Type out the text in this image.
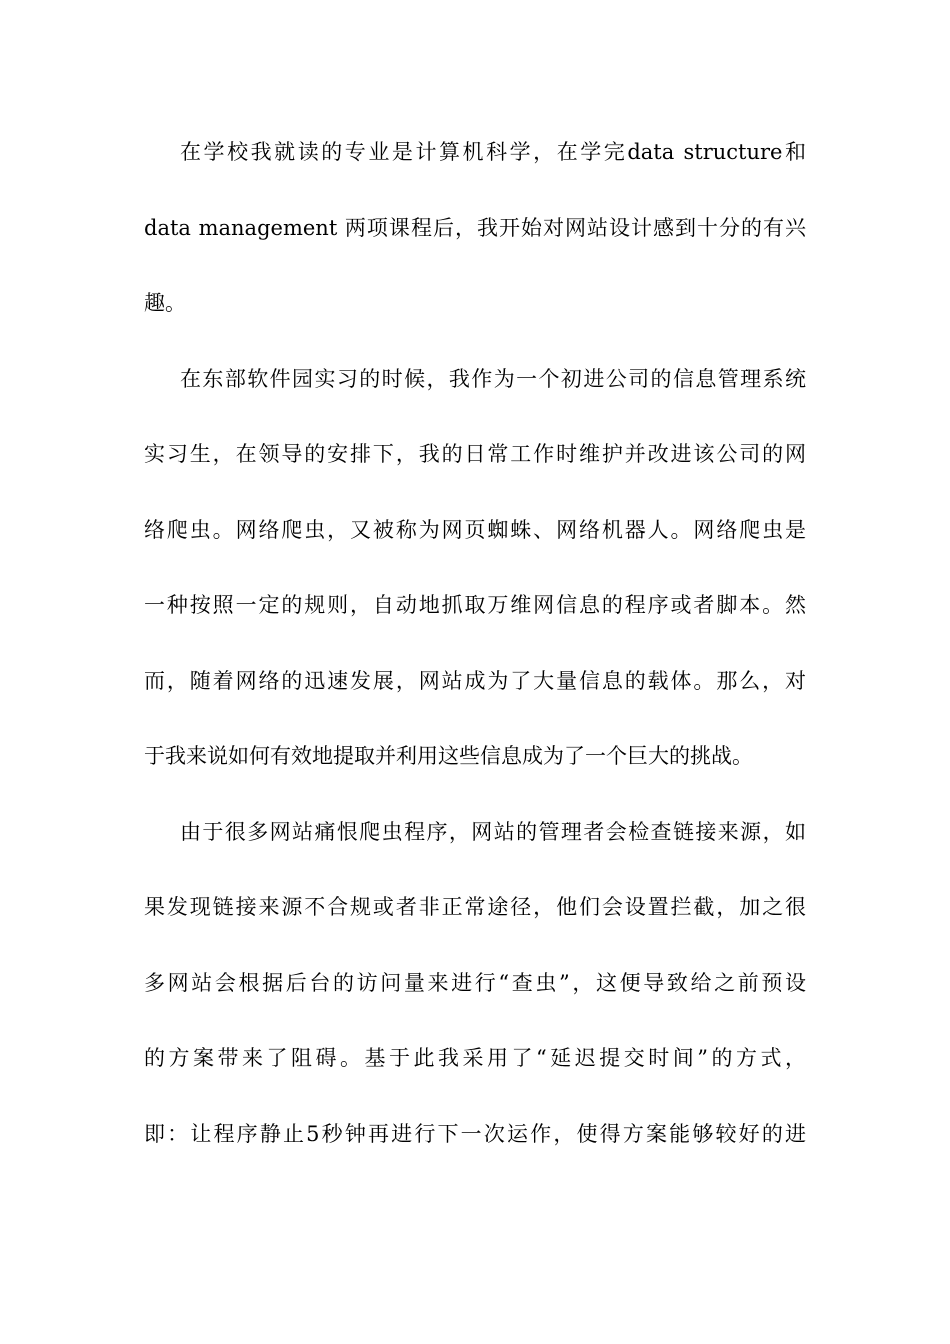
在学校我就读的专业是计算机科学，在学完data structure和
data management 两项课程后，我开始对网站设计感到十分的有兴
趣。
在东部软件园实习的时候，我作为一个初进公司的信息管理系统
实习生，在领导的安排下，我的日常工作时维护并改进该公司的网
络爬虫。网络爬虫，又被称为网页蜘蛛、网络机器人。网络爬虫是
一种按照一定的规则，自动地抓取万维网信息的程序或者脚本。然
而，随着网络的迅速发展，网站成为了大量信息的载体。那么，对
于我来说如何有效地提取并利用这些信息成为了一个巨大的挑战。
由于很多网站痛恨爬虫程序，网站的管理者会检查链接来源，如
果发现链接来源不合规或者非正常途径，他们会设置拦截，加之很
多网站会根据后台的访问量来进行“查虫”，这便导致给之前预设
的方案带来了阻碍。基于此我采用了“延迟提交时间”的方式，
即：让程序静止5秒钟再进行下一次运作，使得方案能够较好的进
